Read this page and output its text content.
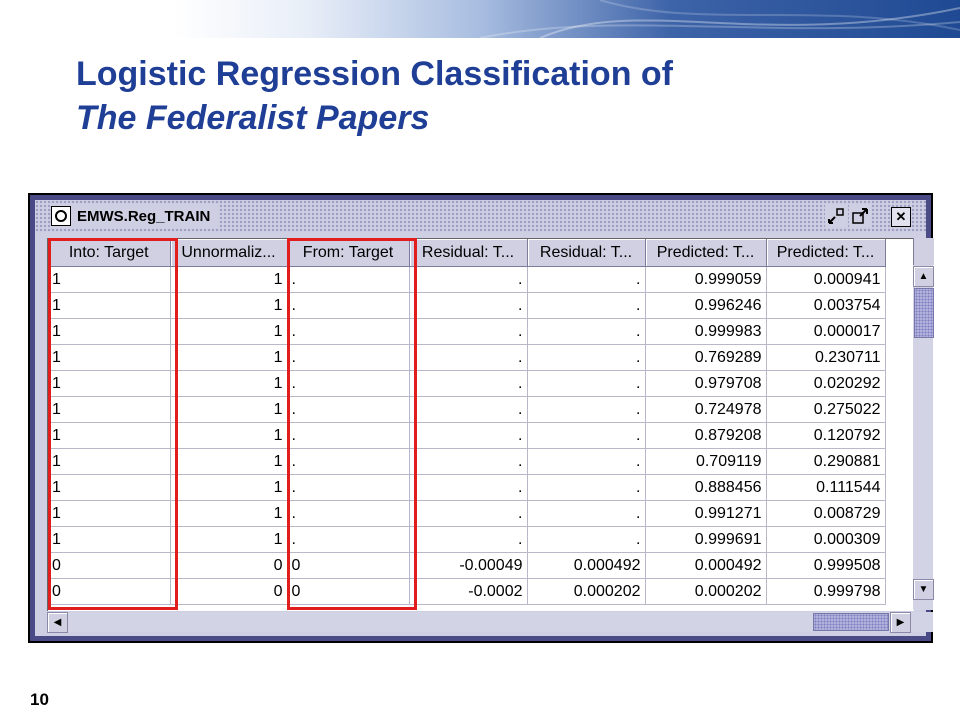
Logistic Regression Classification of
The Federalist Papers
EMWS.Reg_TRAIN	✕
Into: Target	Unnormaliz...	From: Target	Residual: T...	Residual: T...	Predicted: T...	Predicted: T...
1	1	.	.	.	0.999059	0.000941
1	1	.	.	.	0.996246	0.003754
1	1	.	.	.	0.999983	0.000017
1	1	.	.	.	0.769289	0.230711
1	1	.	.	.	0.979708	0.020292
1	1	.	.	.	0.724978	0.275022
1	1	.	.	.	0.879208	0.120792
1	1	.	.	.	0.709119	0.290881
1	1	.	.	.	0.888456	0.111544
1	1	.	.	.	0.991271	0.008729
1	1	.	.	.	0.999691	0.000309
0	0	0	-0.00049	0.000492	0.000492	0.999508
0	0	0	-0.0002	0.000202	0.000202	0.999798
▲
▼
◀	▶
10
